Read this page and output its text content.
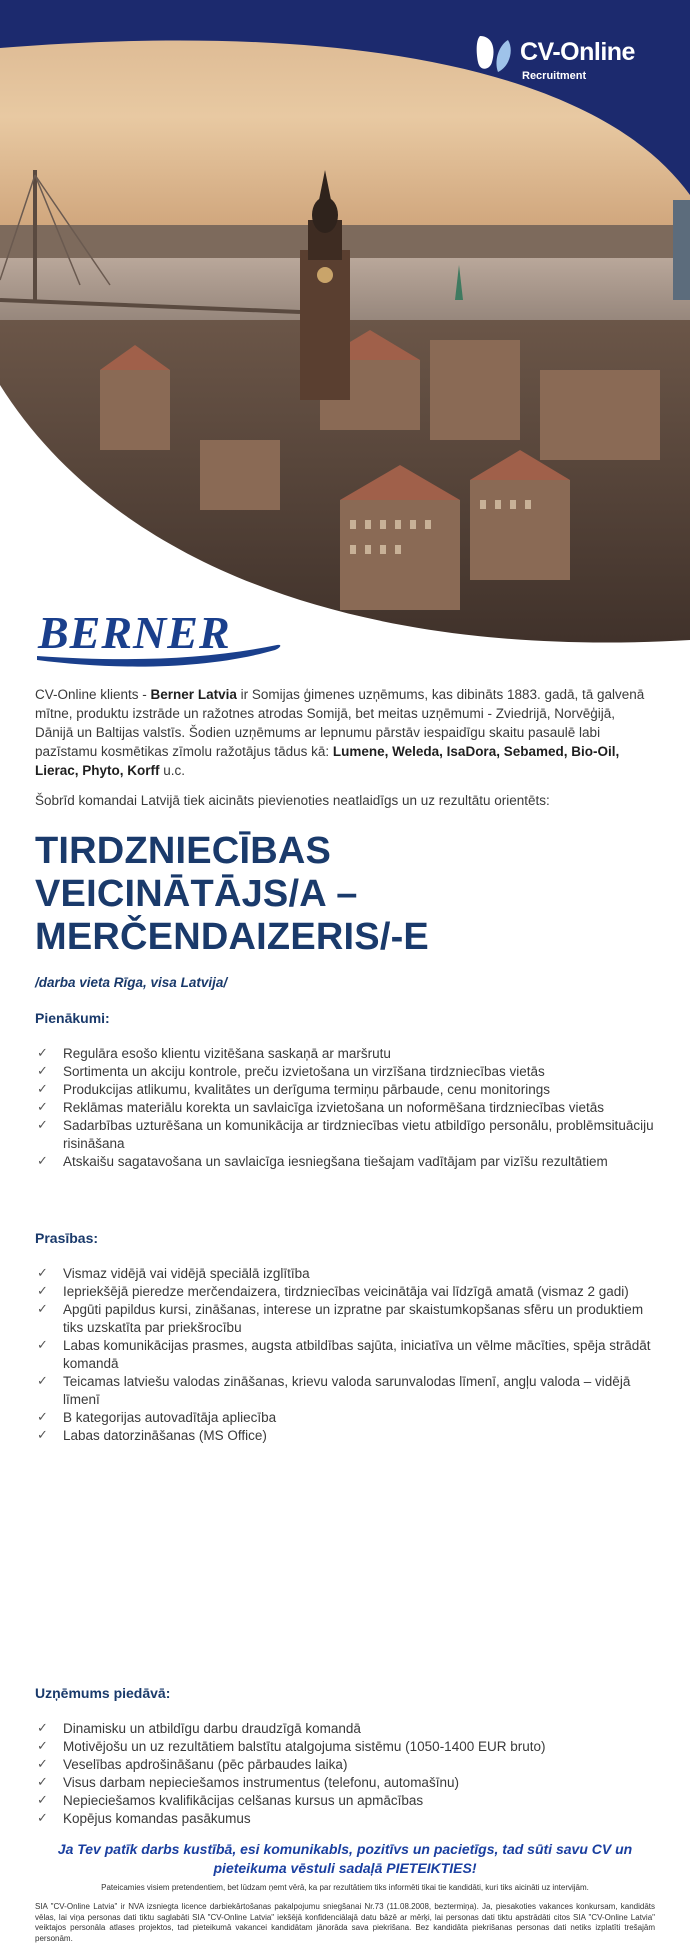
CV-Online
Recruitment
BERNER
CV-Online klients - Berner Latvia ir Somijas ģimenes uzņēmums, kas dibināts 1883. gadā, tā galvenā mītne, produktu izstrāde un ražotnes atrodas Somijā, bet meitas uzņēmumi - Zviedrijā, Norvēģijā, Dānijā un Baltijas valstīs. Šodien uzņēmums ar lepnumu pārstāv iespaidīgu skaitu pasaulē labi pazīstamu kosmētikas zīmolu ražotājus tādus kā: Lumene, Weleda, IsaDora, Sebamed, Bio-Oil, Lierac, Phyto, Korff u.c.
Šobrīd komandai Latvijā tiek aicināts pievienoties neatlaidīgs un uz rezultātu orientēts:
TIRDZNIECĪBAS
VEICINĀTĀJS/A –
MERČENDAIZERIS/-E
/darba vieta Rīga, visa Latvija/
Pienākumi:
✓ Regulāra esošo klientu vizitēšana saskaņā ar maršrutu
✓ Sortimenta un akciju kontrole, preču izvietošana un virzīšana tirdzniecības vietās
✓ Produkcijas atlikumu, kvalitātes un derīguma termiņu pārbaude, cenu monitorings
✓ Reklāmas materiālu korekta un savlaicīga izvietošana un noformēšana tirdzniecības vietās
✓ Sadarbības uzturēšana un komunikācija ar tirdzniecības vietu atbildīgo personālu, problēmsituāciju risināšana
✓ Atskaišu sagatavošana un savlaicīga iesniegšana tiešajam vadītājam par vizīšu rezultātiem
Prasības:
✓ Vismaz vidējā vai vidējā speciālā izglītība
✓ Iepriekšējā pieredze merčendaizera, tirdzniecības veicinātāja vai līdzīgā amatā (vismaz 2 gadi)
✓ Apgūti papildus kursi, zināšanas, interese un izpratne par skaistumkopšanas sfēru un produktiem tiks uzskatīta par priekšrocību
✓ Labas komunikācijas prasmes, augsta atbildības sajūta, iniciatīva un vēlme mācīties, spēja strādāt komandā
✓ Teicamas latviešu valodas zināšanas, krievu valoda sarunvalodas līmenī, angļu valoda – vidējā līmenī
✓ B kategorijas autovadītāja apliecība
✓ Labas datorzināšanas (MS Office)
Uzņēmums piedāvā:
✓ Dinamisku un atbildīgu darbu draudzīgā komandā
✓ Motivējošu un uz rezultātiem balstītu atalgojuma sistēmu (1050-1400 EUR bruto)
✓ Veselības apdrošināšanu (pēc pārbaudes laika)
✓ Visus darbam nepieciešamos instrumentus (telefonu, automašīnu)
✓ Nepieciešamos kvalifikācijas celšanas kursus un apmācības
✓ Kopējus komandas pasākumus
Ja Tev patīk darbs kustībā, esi komunikabls, pozitīvs un pacietīgs, tad sūti savu CV un pieteikuma vēstuli sadaļā PIETEIKTIES!
Pateicamies visiem pretendentiem, bet lūdzam ņemt vērā, ka par rezultātiem tiks informēti tikai tie kandidāti, kuri tiks aicināti uz intervijām.
SIA "CV-Online Latvia" ir NVA izsniegta licence darbiekārtošanas pakalpojumu sniegšanai Nr.73 (11.08.2008, beztermiņa). Ja, piesakoties vakances konkursam, kandidāts vēlas, lai viņa personas dati tiktu saglabāti SIA "CV-Online Latvia" iekšējā konfidenciālajā datu bāzē ar mērķi, lai personas dati tiktu apstrādāti citos SIA "CV-Online Latvia" veiktajos personāla atlases projektos, tad pieteikumā vakancei kandidātam jānorāda sava piekrišana. Bez kandidāta piekrišanas personas dati netiks izplatīti trešajām personām.
